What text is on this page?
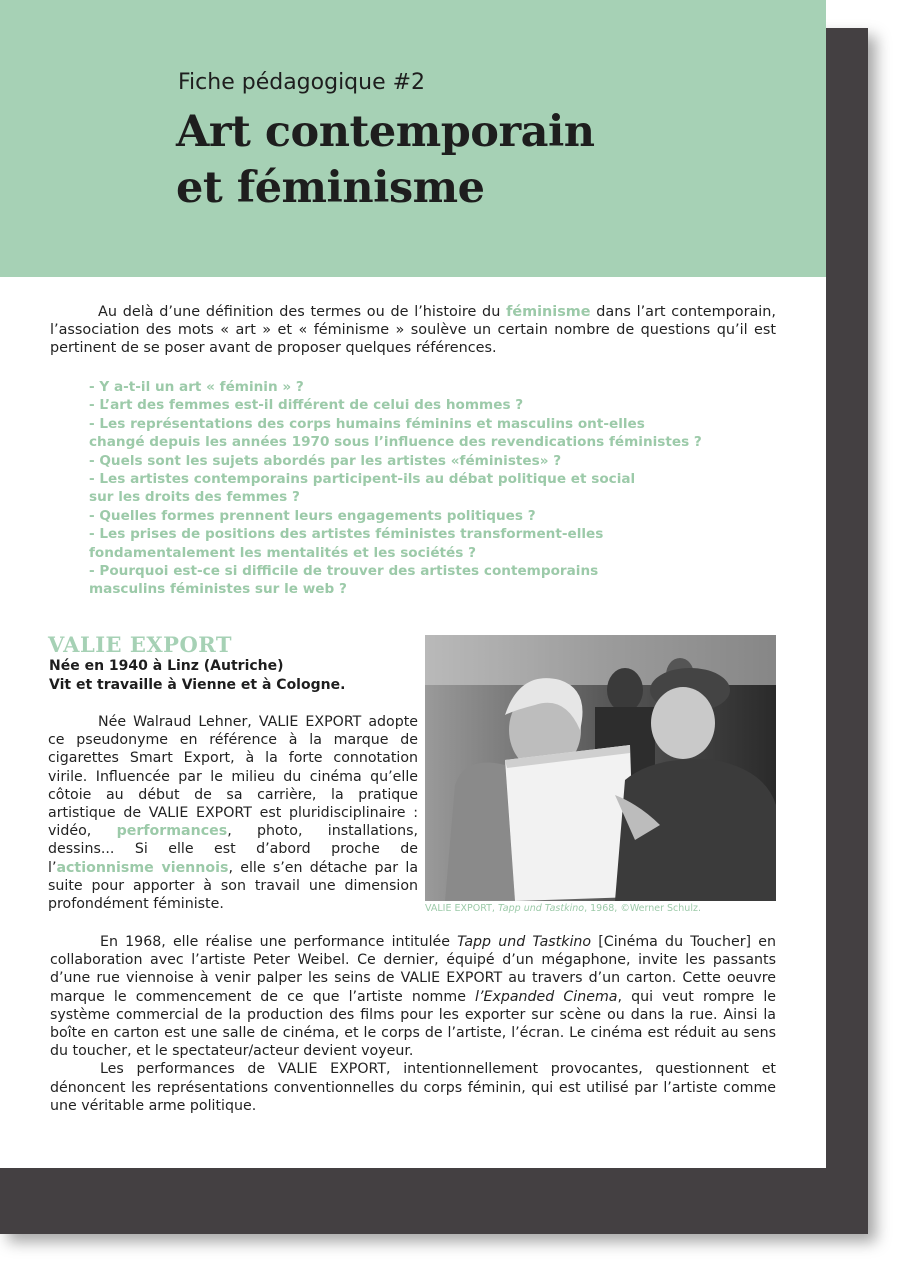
Fiche pédagogique #2
Art contemporain
et féminisme

Au delà d’une définition des termes ou de l’histoire du féminisme dans l’art contemporain, l’association des mots « art » et « féminisme » soulève un certain nombre de questions qu’il est pertinent de se poser avant de proposer quelques références.

- Y a-t-il un art « féminin » ?
- L’art des femmes est-il différent de celui des hommes ?
- Les représentations des corps humains féminins et masculins ont-elles
changé depuis les années 1970 sous l’influence des revendications féministes ?
- Quels sont les sujets abordés par les artistes «féministes» ?
- Les artistes contemporains participent-ils au débat politique et social
sur les droits des femmes ?
- Quelles formes prennent leurs engagements politiques ?
- Les prises de positions des artistes féministes transforment-elles
fondamentalement les mentalités et les sociétés ?
- Pourquoi est-ce si difficile de trouver des artistes contemporains
masculins féministes sur le web ?
VALIE EXPORT
Née en 1940 à Linz (Autriche)
Vit et travaille à Vienne et à Cologne.

Née Walraud Lehner, VALIE EXPORT adopte ce pseudonyme en référence à la marque de cigarettes Smart Export, à la forte connotation virile. Influencée par le milieu du cinéma qu’elle côtoie au début de sa carrière, la pratique artistique de VALIE EXPORT est pluridisciplinaire : vidéo, performances, photo, installations, dessins... Si elle est d’abord proche de l’actionnisme viennois, elle s’en détache par la suite pour apporter à son travail une dimension profondément féministe.	VALIE EXPORT, Tapp und Tastkino, 1968, ©Werner Schulz.

En 1968, elle réalise une performance intitulée Tapp und Tastkino [Cinéma du Toucher] en collaboration avec l’artiste Peter Weibel. Ce dernier, équipé d’un mégaphone, invite les passants d’une rue viennoise à venir palper les seins de VALIE EXPORT au travers d’un carton. Cette oeuvre marque le commencement de ce que l’artiste nomme l’Expanded Cinema, qui veut rompre le système commercial de la production des films pour les exporter sur scène ou dans la rue. Ainsi la boîte en carton est une salle de cinéma, et le corps de l’artiste, l’écran. Le cinéma est réduit au sens du toucher, et le spectateur/acteur devient voyeur.

Les performances de VALIE EXPORT, intentionnellement provocantes, questionnent et dénoncent les représentations conventionnelles du corps féminin, qui est utilisé par l’artiste comme une véritable arme politique.
